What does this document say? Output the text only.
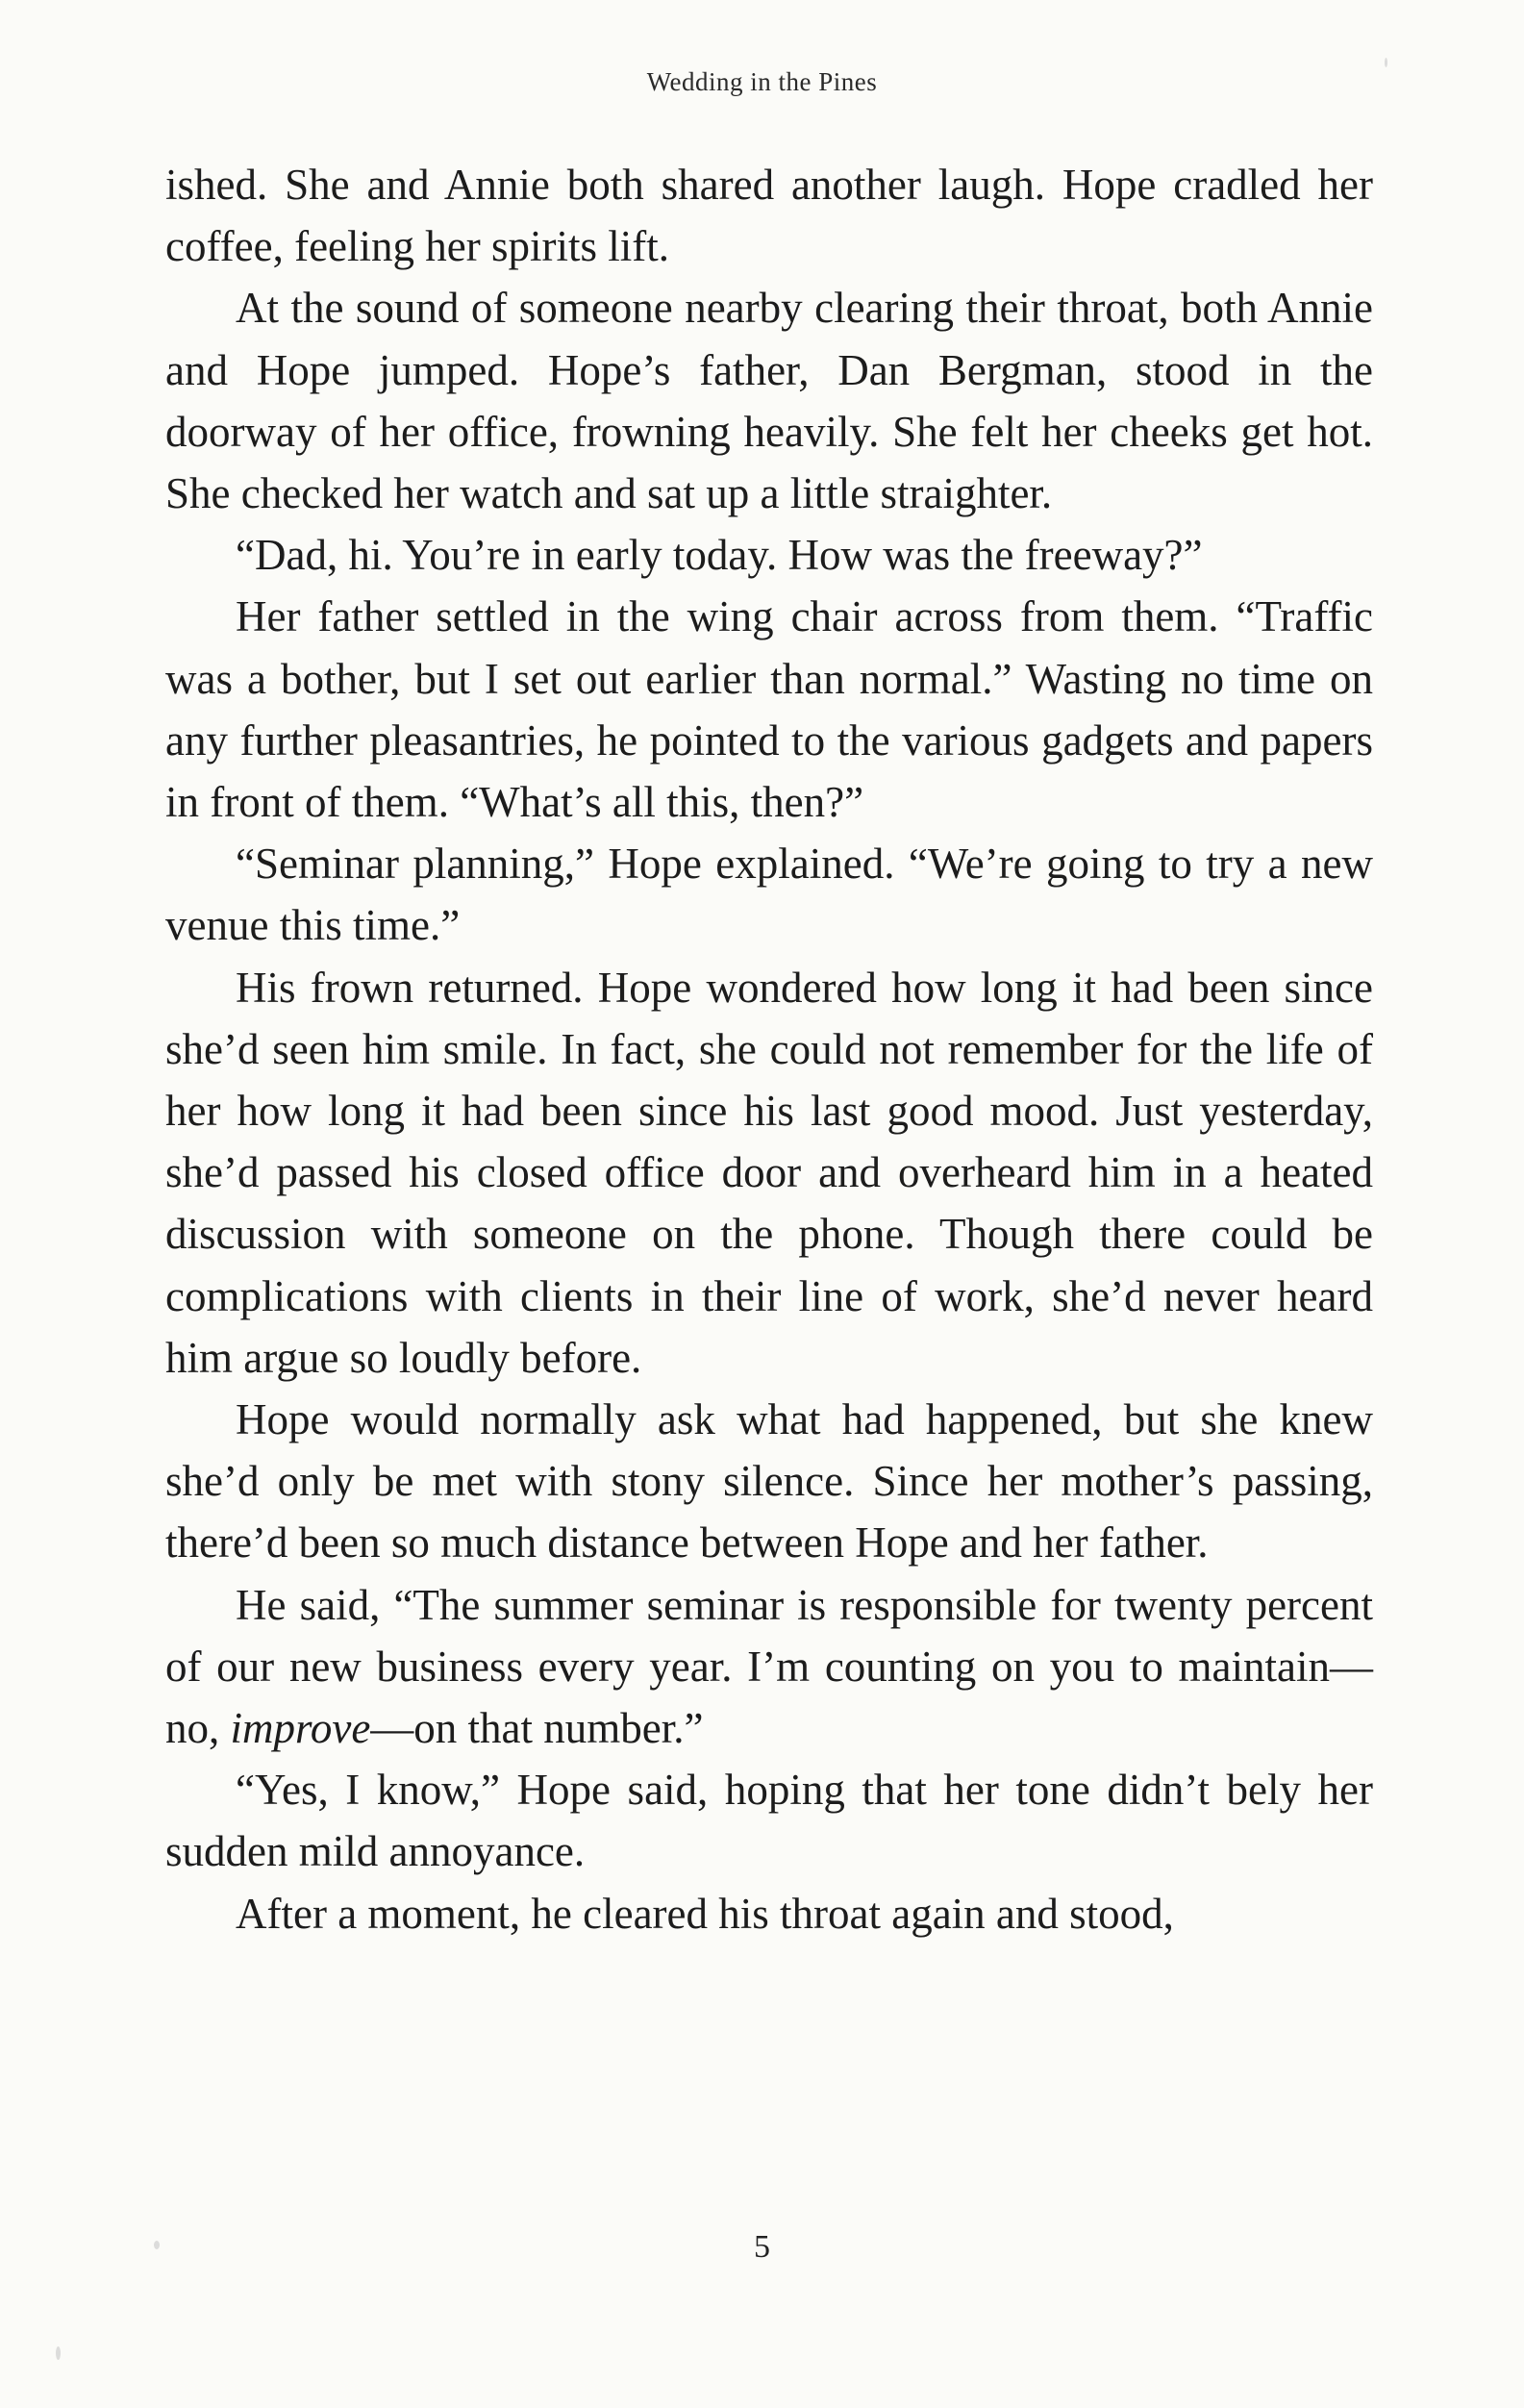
Wedding in the Pines

ished. She and Annie both shared another laugh. Hope cradled her coffee, feeling her spirits lift.

At the sound of someone nearby clearing their throat, both Annie and Hope jumped. Hope’s father, Dan Bergman, stood in the doorway of her office, frowning heavily. She felt her cheeks get hot. She checked her watch and sat up a little straighter.

“Dad, hi. You’re in early today. How was the freeway?”

Her father settled in the wing chair across from them. “Traffic was a bother, but I set out earlier than normal.” Wasting no time on any further pleasantries, he pointed to the various gadgets and papers in front of them. “What’s all this, then?”

“Seminar planning,” Hope explained. “We’re going to try a new venue this time.”

His frown returned. Hope wondered how long it had been since she’d seen him smile. In fact, she could not remember for the life of her how long it had been since his last good mood. Just yesterday, she’d passed his closed office door and overheard him in a heated discussion with someone on the phone. Though there could be complications with clients in their line of work, she’d never heard him argue so loudly before.

Hope would normally ask what had happened, but she knew she’d only be met with stony silence. Since her mother’s passing, there’d been so much distance between Hope and her father.

He said, “The summer seminar is responsible for twenty percent of our new business every year. I’m counting on you to maintain—no, improve—on that number.”

“Yes, I know,” Hope said, hoping that her tone didn’t bely her sudden mild annoyance.

After a moment, he cleared his throat again and stood,

5
